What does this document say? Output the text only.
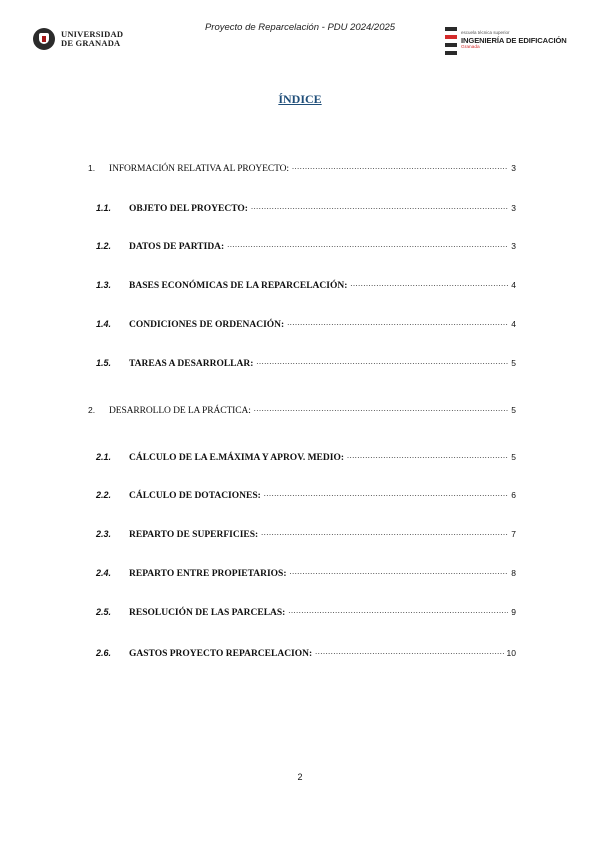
Proyecto de Reparcelación - PDU 2024/2025
UNIVERSIDAD
DE GRANADA
escuela técnica superior
INGENIERÍA DE EDIFICACIÓN
Granada
ÍNDICE
1.	INFORMACIÓN RELATIVA AL PROYECTO: .....	3
1.1.	OBJETO DEL PROYECTO: .....	3
1.2.	DATOS DE PARTIDA: .....	3
1.3.	BASES ECONÓMICAS DE LA REPARCELACIÓN: .....	4
1.4.	CONDICIONES DE ORDENACIÓN: .....	4
1.5.	TAREAS A DESARROLLAR: .....	5
2.	DESARROLLO DE LA PRÁCTICA: .....	5
2.1.	CÁLCULO DE LA E.MÁXIMA Y APROV. MEDIO: .....	5
2.2.	CÁLCULO DE DOTACIONES: .....	6
2.3.	REPARTO DE SUPERFICIES: .....	7
2.4.	REPARTO ENTRE PROPIETARIOS: .....	8
2.5.	RESOLUCIÓN DE LAS PARCELAS: .....	9
2.6.	GASTOS PROYECTO REPARCELACION: .....	10
2
